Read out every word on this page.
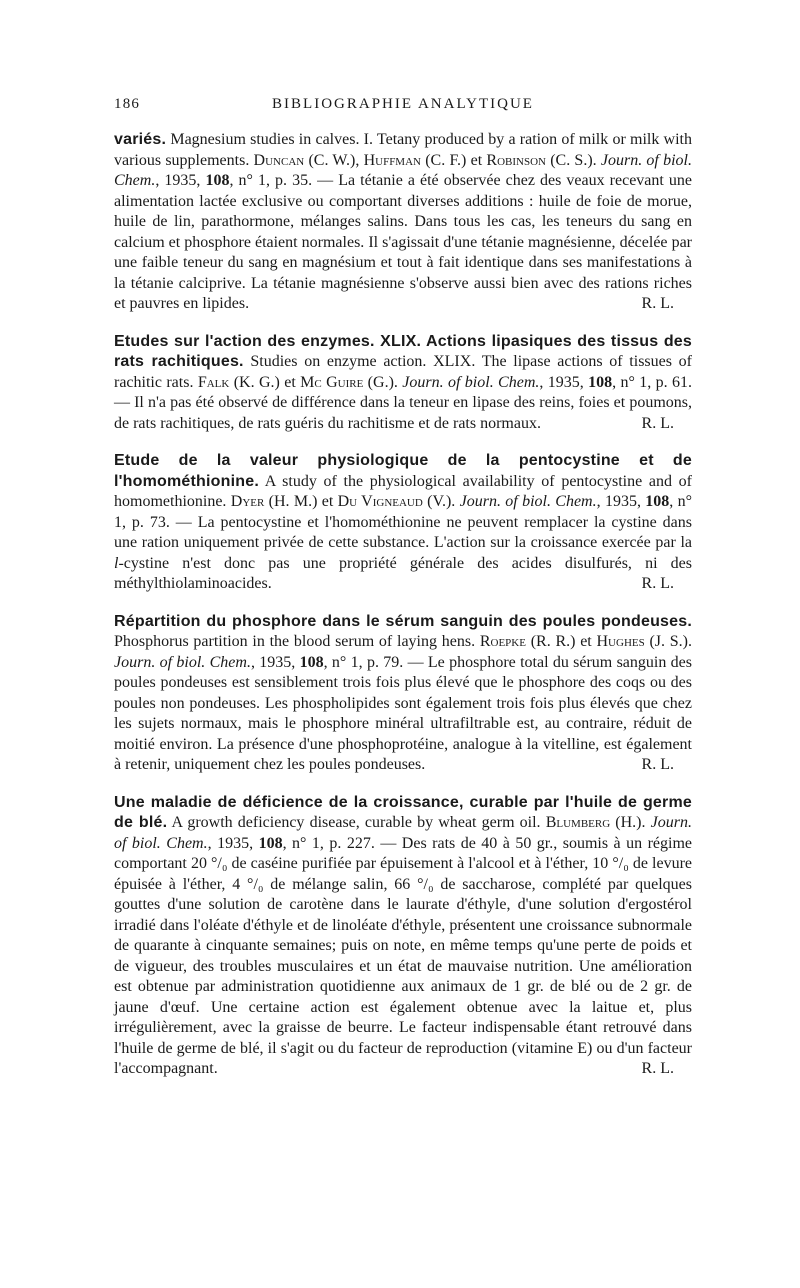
186	BIBLIOGRAPHIE ANALYTIQUE

variés. Magnesium studies in calves. I. Tetany produced by a ration of milk or milk with various supplements. Duncan (C. W.), Huffman (C. F.) et Robinson (C. S.). Journ. of biol. Chem., 1935, 108, n° 1, p. 35. — La tétanie a été observée chez des veaux recevant une alimentation lactée exclusive ou comportant diverses additions : huile de foie de morue, huile de lin, parathormone, mélanges salins. Dans tous les cas, les teneurs du sang en calcium et phosphore étaient normales. Il s'agissait d'une tétanie magnésienne, décelée par une faible teneur du sang en magnésium et tout à fait identique dans ses manifestations à la tétanie calciprive. La tétanie magnésienne s'observe aussi bien avec des rations riches et pauvres en lipides.	R. L.

Etudes sur l'action des enzymes. XLIX. Actions lipasiques des tissus des rats rachitiques. Studies on enzyme action. XLIX. The lipase actions of tissues of rachitic rats. Falk (K. G.) et Mc Guire (G.). Journ. of biol. Chem., 1935, 108, n° 1, p. 61. — Il n'a pas été observé de différence dans la teneur en lipase des reins, foies et poumons, de rats rachitiques, de rats guéris du rachitisme et de rats normaux.	R. L.

Etude de la valeur physiologique de la pentocystine et de l'homométhionine. A study of the physiological availability of pentocystine and of homomethionine. Dyer (H. M.) et Du Vigneaud (V.). Journ. of biol. Chem., 1935, 108, n° 1, p. 73. — La pentocystine et l'homométhionine ne peuvent remplacer la cystine dans une ration uniquement privée de cette substance. L'action sur la croissance exercée par la l-cystine n'est donc pas une propriété générale des acides disulfurés, ni des méthylthiolaminoacides.	R. L.

Répartition du phosphore dans le sérum sanguin des poules pondeuses. Phosphorus partition in the blood serum of laying hens. Roepke (R. R.) et Hughes (J. S.). Journ. of biol. Chem., 1935, 108, n° 1, p. 79. — Le phosphore total du sérum sanguin des poules pondeuses est sensiblement trois fois plus élevé que le phosphore des coqs ou des poules non pondeuses. Les phospholipides sont également trois fois plus élevés que chez les sujets normaux, mais le phosphore minéral ultrafiltrable est, au contraire, réduit de moitié environ. La présence d'une phosphoprotéine, analogue à la vitelline, est également à retenir, uniquement chez les poules pondeuses.	R. L.

Une maladie de déficience de la croissance, curable par l'huile de germe de blé. A growth deficiency disease, curable by wheat germ oil. Blumberg (H.). Journ. of biol. Chem., 1935, 108, n° 1, p. 227. — Des rats de 40 à 50 gr., soumis à un régime comportant 20 °/₀ de caséine purifiée par épuisement à l'alcool et à l'éther, 10 °/₀ de levure épuisée à l'éther, 4 °/₀ de mélange salin, 66 °/₀ de saccharose, complété par quelques gouttes d'une solution de carotène dans le laurate d'éthyle, d'une solution d'ergostérol irradié dans l'oléate d'éthyle et de linoléate d'éthyle, présentent une croissance subnormale de quarante à cinquante semaines; puis on note, en même temps qu'une perte de poids et de vigueur, des troubles musculaires et un état de mauvaise nutrition. Une amélioration est obtenue par administration quotidienne aux animaux de 1 gr. de blé ou de 2 gr. de jaune d'œuf. Une certaine action est également obtenue avec la laitue et, plus irrégulièrement, avec la graisse de beurre. Le facteur indispensable étant retrouvé dans l'huile de germe de blé, il s'agit ou du facteur de reproduction (vitamine E) ou d'un facteur l'accompagnant.	R. L.
